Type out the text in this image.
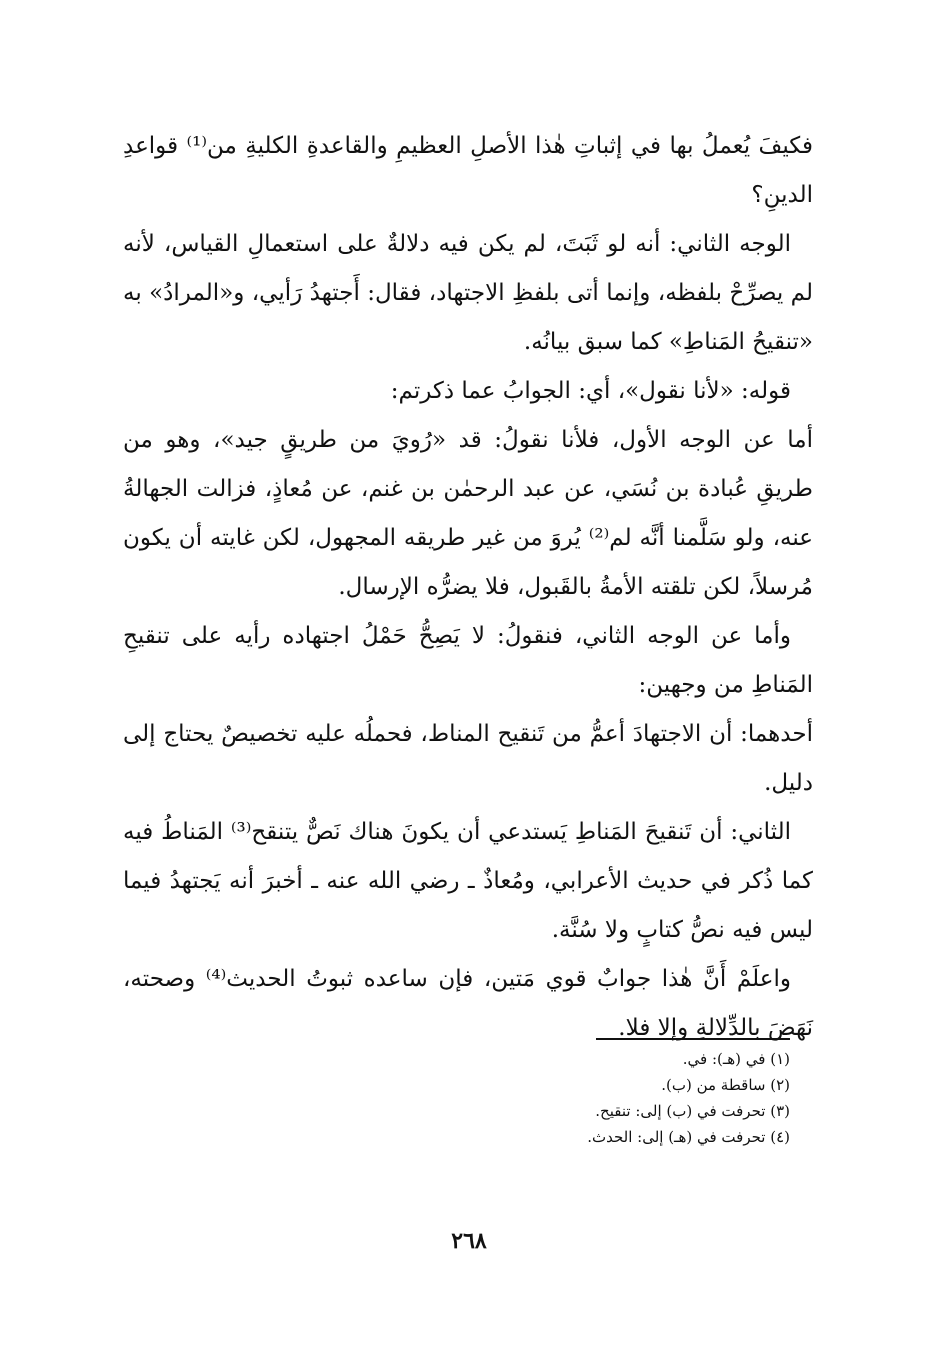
فكيفَ يُعملُ بها في إثباتِ هٰذا الأصلِ العظيمِ والقاعدةِ الكليةِ من⁽¹⁾ قواعدِ الدينِ؟

الوجه الثاني: أنه لو ثَبَتَ، لم يكن فيه دلالةٌ على استعمالِ القياس، لأنه لم يصرِّحْ بلفظه، وإنما أتى بلفظِ الاجتهاد، فقال: أَجتهدُ رَأيي، و«المرادُ» به «تنقيحُ المَناطِ» كما سبق بيانُه.

قوله: «لأنا نقول»، أي: الجوابُ عما ذكرتم:

أما عن الوجه الأول، فلأنا نقولُ: قد «رُويَ من طريقٍ جيد»، وهو من طريقِ عُبادة بن نُسَي، عن عبد الرحمٰن بن غنم، عن مُعاذٍ، فزالت الجهالةُ عنه، ولو سَلَّمنا أنَّه لم⁽²⁾ يُروَ من غير طريقه المجهول، لكن غايته أن يكون مُرسلاً، لكن تلقته الأمةُ بالقَبول، فلا يضرُّه الإرسال.

وأما عن الوجه الثاني، فنقولُ: لا يَصِحُّ حَمْلُ اجتهاده رأيه على تنقيحِ المَناطِ من وجهين:

أحدهما: أن الاجتهادَ أعمُّ من تَنقيح المناط، فحملُه عليه تخصيصٌ يحتاج إلى دليل.

الثاني: أن تَنقيحَ المَناطِ يَستدعي أن يكونَ هناك نَصٌّ يتنقح⁽³⁾ المَناطُ فيه كما ذُكر في حديث الأعرابي، ومُعاذٌ ـ رضي الله عنه ـ أخبرَ أنه يَجتهدُ فيما ليس فيه نصُّ كتابٍ ولا سُنَّة.

واعلَمْ أَنَّ هٰذا جوابٌ قوي مَتين، فإن ساعده ثبوتُ الحديث⁽⁴⁾ وصحته، نَهَضَ بالدِّلالةِ وإلا فلا.

(١) في (هـ): في.
(٢) ساقطة من (ب).
(٣) تحرفت في (ب) إلى: تنقيح.
(٤) تحرفت في (هـ) إلى: الحدث.
٢٦٨
